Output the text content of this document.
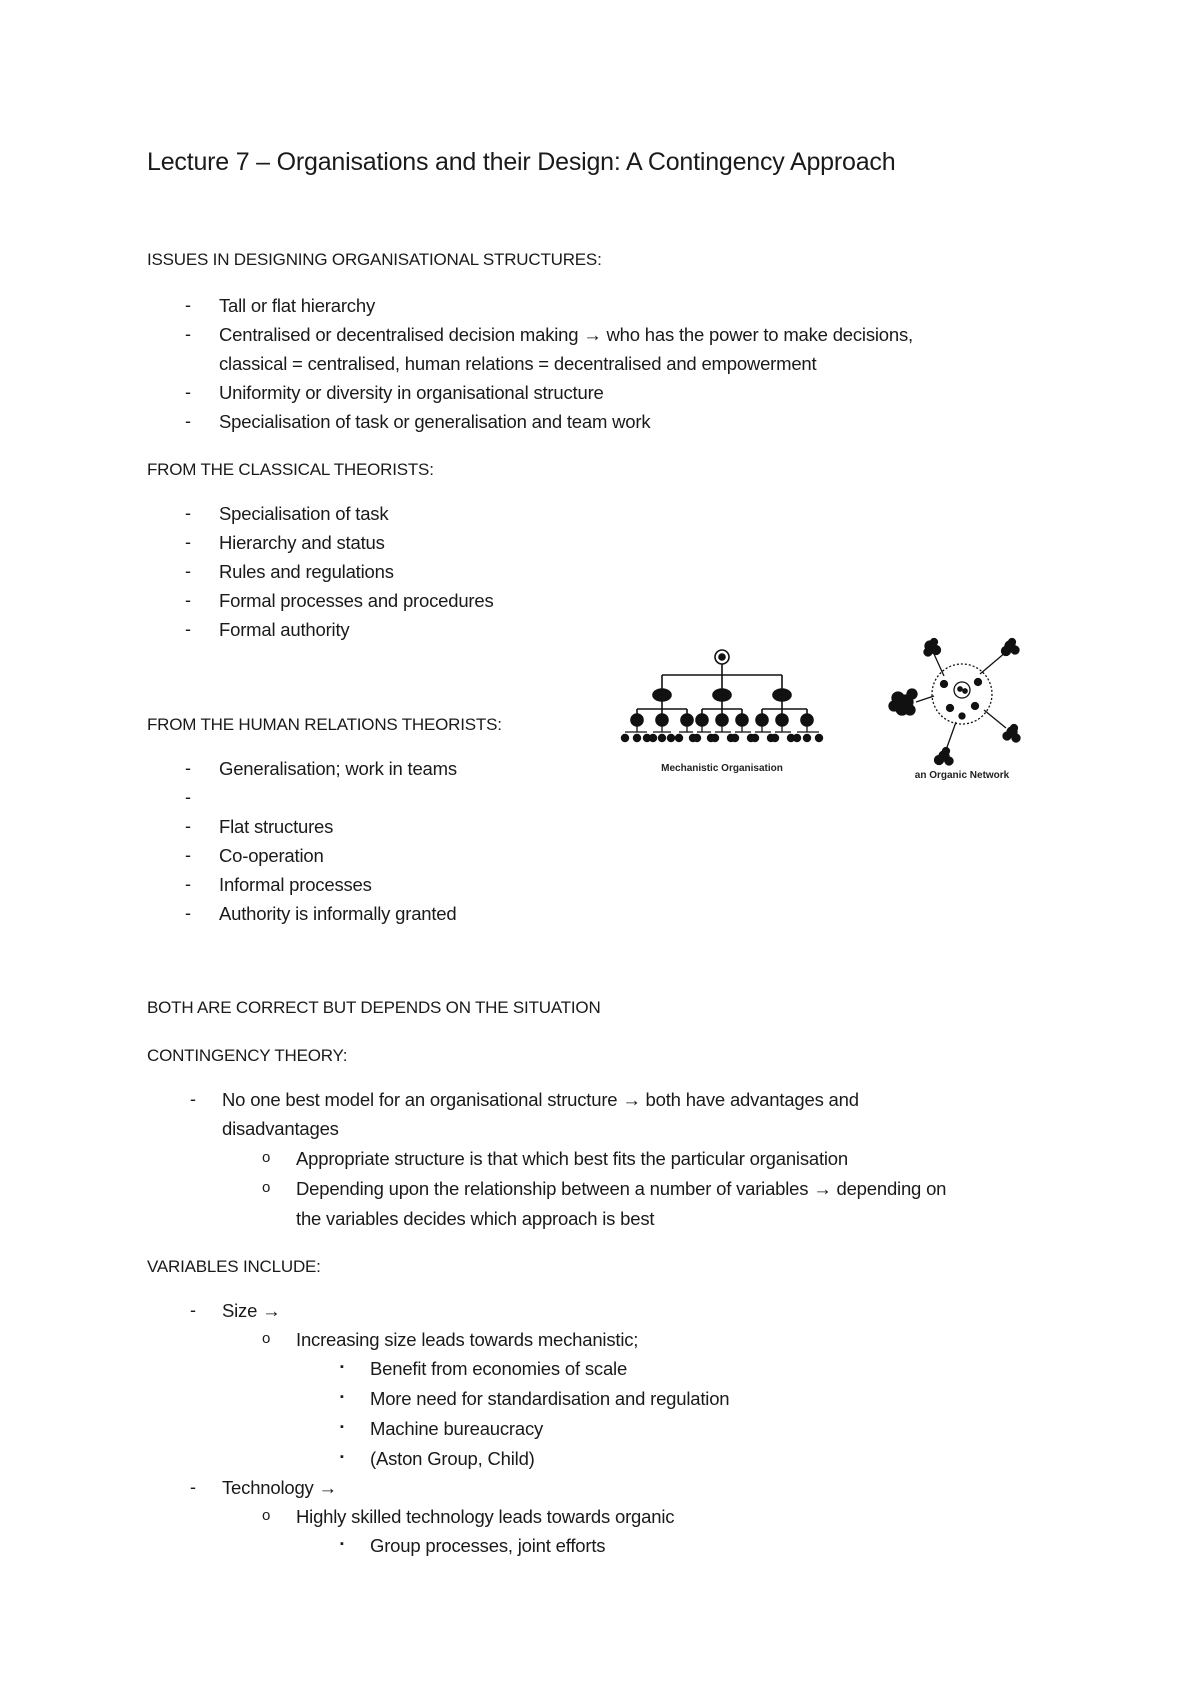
Lecture 7 – Organisations and their Design: A Contingency Approach
ISSUES IN DESIGNING ORGANISATIONAL STRUCTURES:
- Tall or flat hierarchy
- Centralised or decentralised decision making → who has the power to make decisions,
classical = centralised, human relations = decentralised and empowerment
- Uniformity or diversity in organisational structure
- Specialisation of task or generalisation and team work
FROM THE CLASSICAL THEORISTS:
- Specialisation of task
- Hierarchy and status
- Rules and regulations
- Formal processes and procedures
- Formal authority
FROM THE HUMAN RELATIONS THEORISTS:
- Generalisation; work in teams
-
- Flat structures
- Co-operation
- Informal processes
- Authority is informally granted
Mechanistic Organisation
an Organic Network
BOTH ARE CORRECT BUT DEPENDS ON THE SITUATION
CONTINGENCY THEORY:
- No one best model for an organisational structure → both have advantages and
disadvantages
o Appropriate structure is that which best fits the particular organisation
o Depending upon the relationship between a number of variables → depending on
the variables decides which approach is best
VARIABLES INCLUDE:
- Size →
o Increasing size leads towards mechanistic;
▪ Benefit from economies of scale
▪ More need for standardisation and regulation
▪ Machine bureaucracy
▪ (Aston Group, Child)
- Technology →
o Highly skilled technology leads towards organic
▪ Group processes, joint efforts
